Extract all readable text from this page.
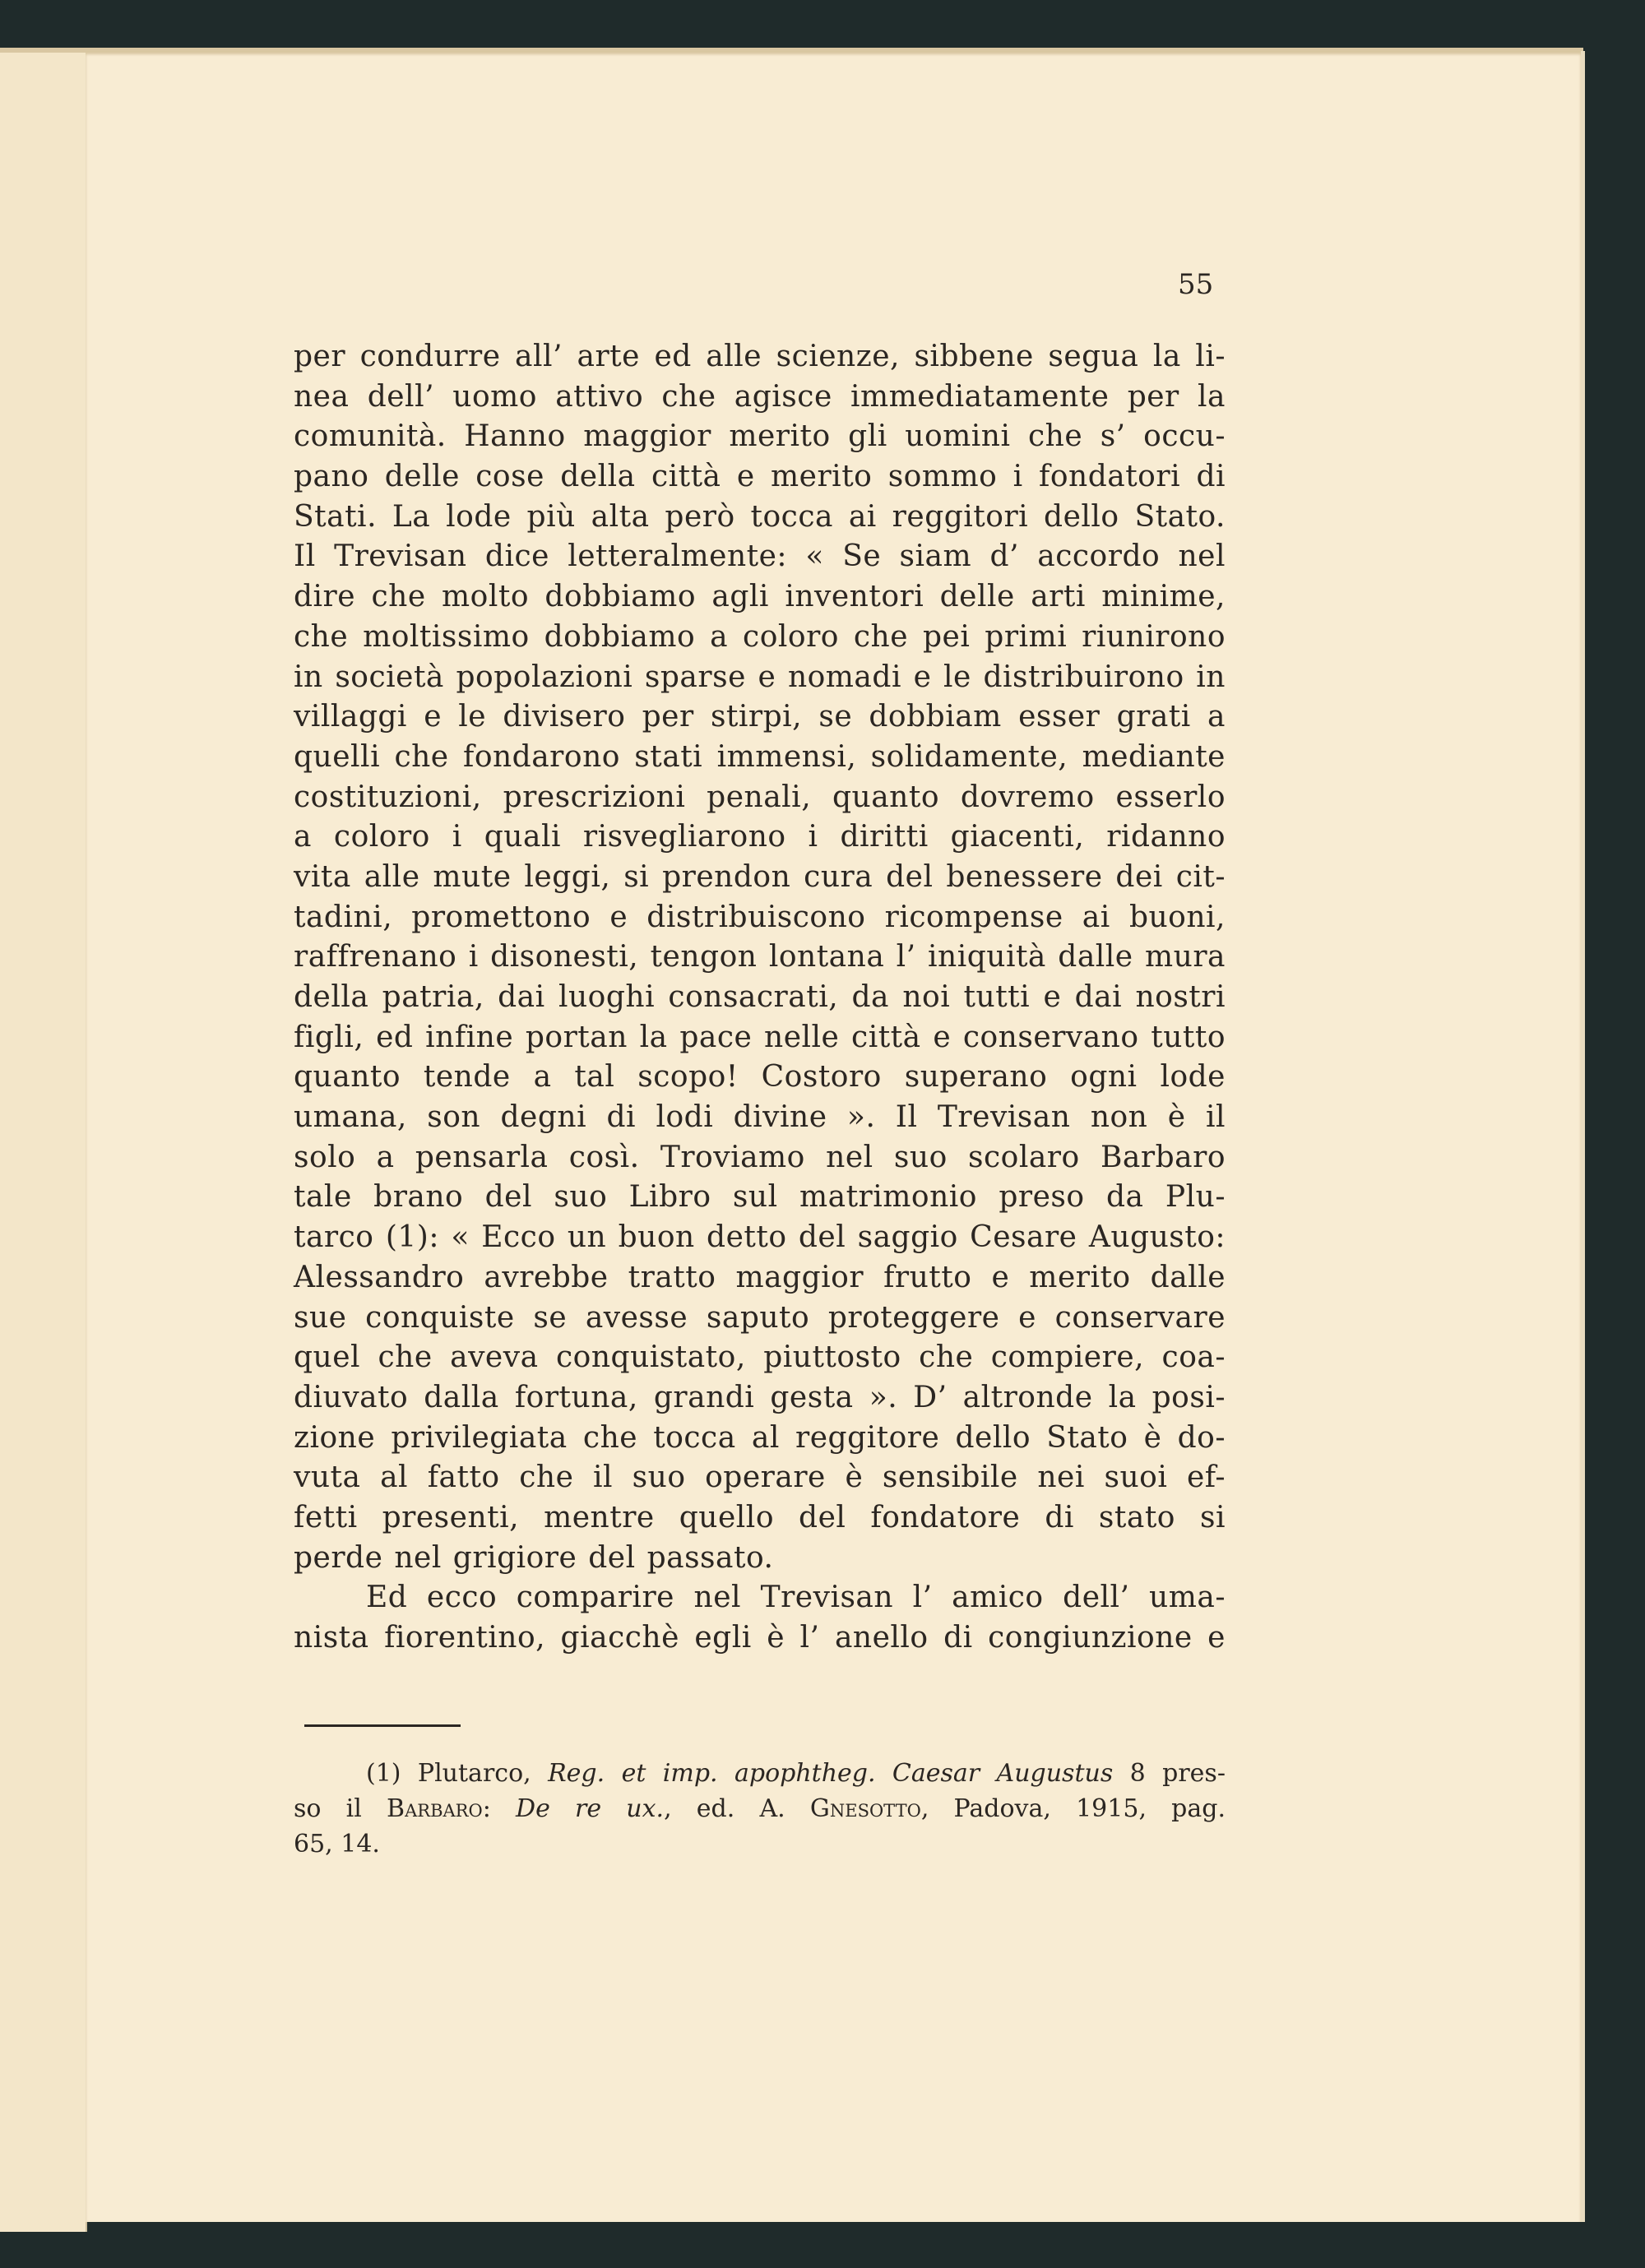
55
per condurre all’ arte ed alle scienze, sibbene segua la li-
nea dell’ uomo attivo che agisce immediatamente per la
comunità. Hanno maggior merito gli uomini che s’ occu-
pano delle cose della città e merito sommo i fondatori di
Stati. La lode più alta però tocca ai reggitori dello Stato.
Il Trevisan dice letteralmente: « Se siam d’ accordo nel
dire che molto dobbiamo agli inventori delle arti minime,
che moltissimo dobbiamo a coloro che pei primi riunirono
in società popolazioni sparse e nomadi e le distribuirono in
villaggi e le divisero per stirpi, se dobbiam esser grati a
quelli che fondarono stati immensi, solidamente, mediante
costituzioni, prescrizioni penali, quanto dovremo esserlo
a coloro i quali risvegliarono i diritti giacenti, ridanno
vita alle mute leggi, si prendon cura del benessere dei cit-
tadini, promettono e distribuiscono ricompense ai buoni,
raffrenano i disonesti, tengon lontana l’ iniquità dalle mura
della patria, dai luoghi consacrati, da noi tutti e dai nostri
figli, ed infine portan la pace nelle città e conservano tutto
quanto tende a tal scopo! Costoro superano ogni lode
umana, son degni di lodi divine ». Il Trevisan non è il
solo a pensarla così. Troviamo nel suo scolaro Barbaro
tale brano del suo Libro sul matrimonio preso da Plu-
tarco (1): « Ecco un buon detto del saggio Cesare Augusto:
Alessandro avrebbe tratto maggior frutto e merito dalle
sue conquiste se avesse saputo proteggere e conservare
quel che aveva conquistato, piuttosto che compiere, coa-
diuvato dalla fortuna, grandi gesta ». D’ altronde la posi-
zione privilegiata che tocca al reggitore dello Stato è do-
vuta al fatto che il suo operare è sensibile nei suoi ef-
fetti presenti, mentre quello del fondatore di stato si
perde nel grigiore del passato.
Ed ecco comparire nel Trevisan l’ amico dell’ uma-
nista fiorentino, giacchè egli è l’ anello di congiunzione e
(1) Plutarco, Reg. et imp. apophtheg. Caesar Augustus 8 pres-
so il Barbaro: De re ux., ed. A. Gnesotto, Padova, 1915, pag.
65, 14.
